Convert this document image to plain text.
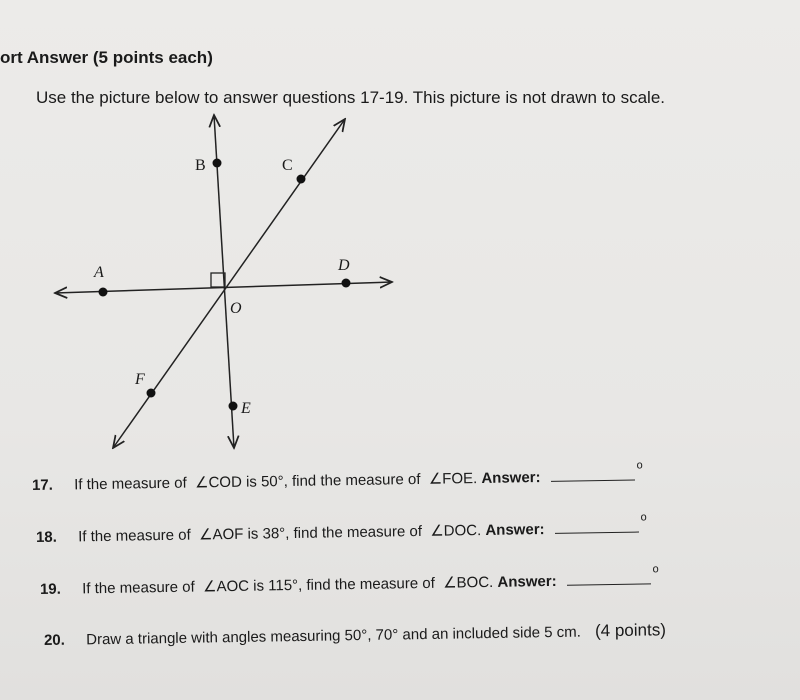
ort Answer (5 points each)
Use the picture below to answer questions 17-19. This picture is not drawn to scale.
A
B	C
D
O
F
E
17. If the measure of ∠COD is 50°, find the measure of ∠FOE. Answer: $^o$
18. If the measure of ∠AOF is 38°, find the measure of ∠DOC. Answer: $^o$
19. If the measure of ∠AOC is 115°, find the measure of ∠BOC. Answer: $^o$
20. Draw a triangle with angles measuring 50°, 70° and an included side 5 cm. (4 points)
